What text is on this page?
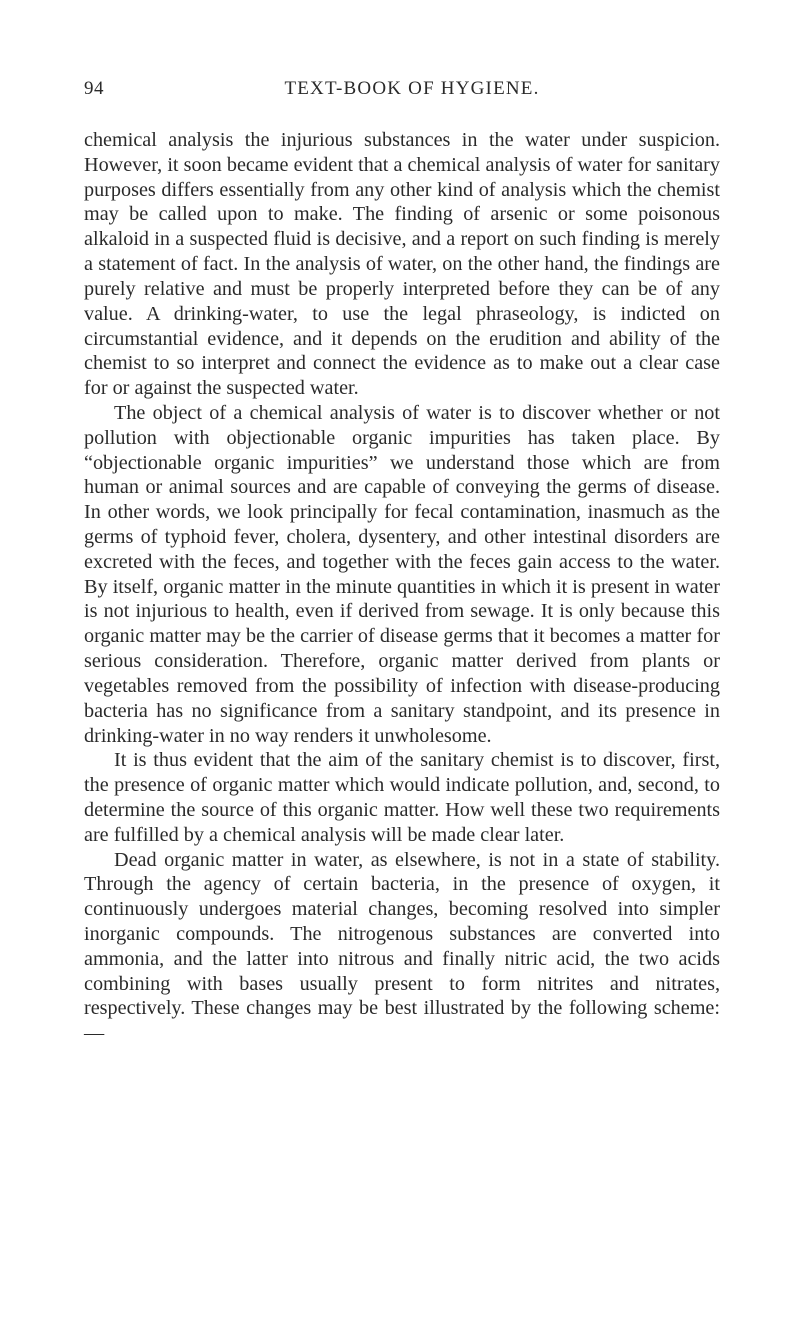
94	TEXT-BOOK OF HYGIENE.

chemical analysis the injurious substances in the water under suspicion. However, it soon became evident that a chemical analysis of water for sanitary purposes differs essentially from any other kind of analysis which the chemist may be called upon to make. The finding of arsenic or some poisonous alkaloid in a suspected fluid is decisive, and a report on such finding is merely a statement of fact. In the analysis of water, on the other hand, the findings are purely relative and must be properly interpreted before they can be of any value. A drinking-water, to use the legal phraseology, is indicted on circumstantial evidence, and it depends on the erudition and ability of the chemist to so interpret and connect the evidence as to make out a clear case for or against the suspected water.

The object of a chemical analysis of water is to discover whether or not pollution with objectionable organic impurities has taken place. By “objectionable organic impurities” we understand those which are from human or animal sources and are capable of conveying the germs of disease. In other words, we look principally for fecal contamination, inasmuch as the germs of typhoid fever, cholera, dysentery, and other intestinal disorders are excreted with the feces, and together with the feces gain access to the water. By itself, organic matter in the minute quantities in which it is present in water is not injurious to health, even if derived from sewage. It is only because this organic matter may be the carrier of disease germs that it becomes a matter for serious consideration. Therefore, organic matter derived from plants or vegetables removed from the possibility of infection with disease-producing bacteria has no significance from a sanitary standpoint, and its presence in drinking-water in no way renders it unwholesome.

It is thus evident that the aim of the sanitary chemist is to discover, first, the presence of organic matter which would indicate pollution, and, second, to determine the source of this organic matter. How well these two requirements are fulfilled by a chemical analysis will be made clear later.

Dead organic matter in water, as elsewhere, is not in a state of stability. Through the agency of certain bacteria, in the presence of oxygen, it continuously undergoes material changes, becoming resolved into simpler inorganic compounds. The nitrogenous substances are converted into ammonia, and the latter into nitrous and finally nitric acid, the two acids combining with bases usually present to form nitrites and nitrates, respectively. These changes may be best illustrated by the following scheme:—
